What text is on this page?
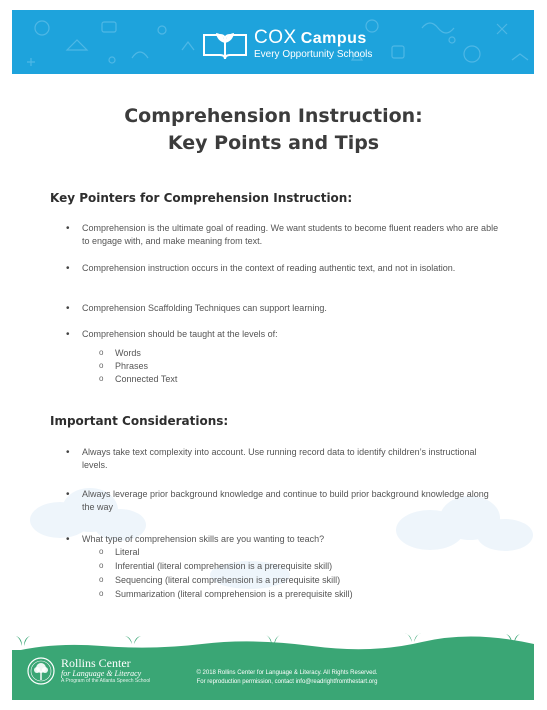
COX Campus
Every Opportunity Schools
Comprehension Instruction:
Key Points and Tips
Key Pointers for Comprehension Instruction:
• Comprehension is the ultimate goal of reading. We want students to become fluent readers who are able to engage with, and make meaning from text.
• Comprehension instruction occurs in the context of reading authentic text, and not in isolation.
• Comprehension Scaffolding Techniques can support learning.
• Comprehension should be taught at the levels of:
o Words
o Phrases
o Connected Text
Important Considerations:
• Always take text complexity into account. Use running record data to identify children’s instructional levels.
• Always leverage prior background knowledge and continue to build prior background knowledge along the way
• What type of comprehension skills are you wanting to teach?
o Literal
o Inferential (literal comprehension is a prerequisite skill)
o Sequencing (literal comprehension is a prerequisite skill)
o Summarization (literal comprehension is a prerequisite skill)
Rollins Center
for Language & Literacy
A Program of the Atlanta Speech School
© 2018 Rollins Center for Language & Literacy. All Rights Reserved.
For reproduction permission, contact info@readrightfromthestart.org
